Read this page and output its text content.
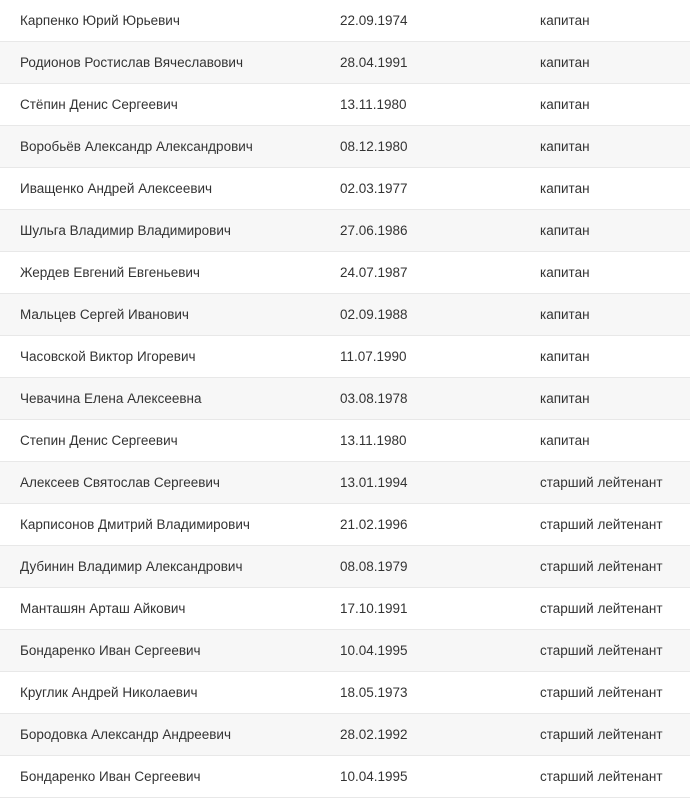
Карпенко Юрий Юрьевич	22.09.1974	капитан
Родионов Ростислав Вячеславович	28.04.1991	капитан
Стёпин Денис Сергеевич	13.11.1980	капитан
Воробьёв Александр Александрович	08.12.1980	капитан
Иващенко Андрей Алексеевич	02.03.1977	капитан
Шульга Владимир Владимирович	27.06.1986	капитан
Жердев Евгений Евгеньевич	24.07.1987	капитан
Мальцев Сергей Иванович	02.09.1988	капитан
Часовской Виктор Игоревич	11.07.1990	капитан
Чевачина Елена Алексеевна	03.08.1978	капитан
Степин Денис Сергеевич	13.11.1980	капитан
Алексеев Святослав Сергеевич	13.01.1994	старший лейтенант
Карписонов Дмитрий Владимирович	21.02.1996	старший лейтенант
Дубинин Владимир Александрович	08.08.1979	старший лейтенант
Манташян Арташ Айкович	17.10.1991	старший лейтенант
Бондаренко Иван Сергеевич	10.04.1995	старший лейтенант
Круглик Андрей Николаевич	18.05.1973	старший лейтенант
Бородовка Александр Андреевич	28.02.1992	старший лейтенант
Бондаренко Иван Сергеевич	10.04.1995	старший лейтенант
